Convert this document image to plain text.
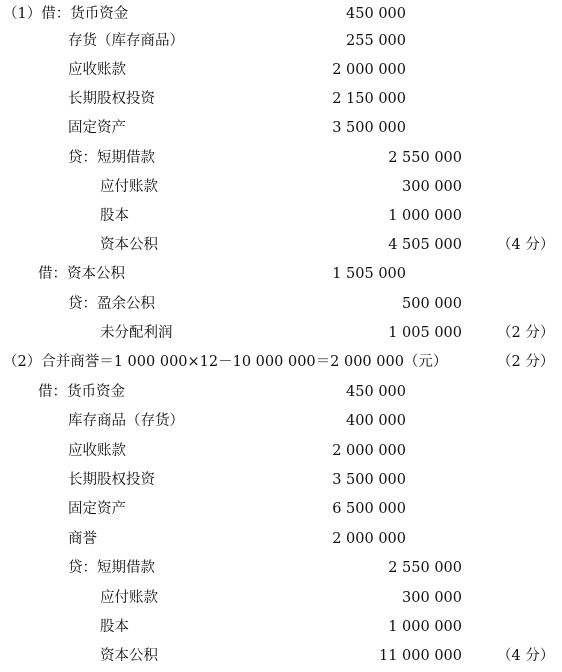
（1）借：货币资金	450 000
存货（库存商品）	255 000
应收账款	2 000 000
长期股权投资	2 150 000
固定资产	3 500 000
贷：短期借款	2 550 000
应付账款	300 000
股本	1 000 000
资本公积	4 505 000 （4 分）
借：资本公积	1 505 000
贷：盈余公积	500 000
未分配利润	1 005 000 （2 分）
（2）合并商誉＝1 000 000×12－10 000 000＝2 000 000（元）	（2 分）
借：货币资金	450 000
库存商品（存货）	400 000
应收账款	2 000 000
长期股权投资	3 500 000
固定资产	6 500 000
商誉	2 000 000
贷：短期借款	2 550 000
应付账款	300 000
股本	1 000 000
资本公积	11 000 000 （4 分）
